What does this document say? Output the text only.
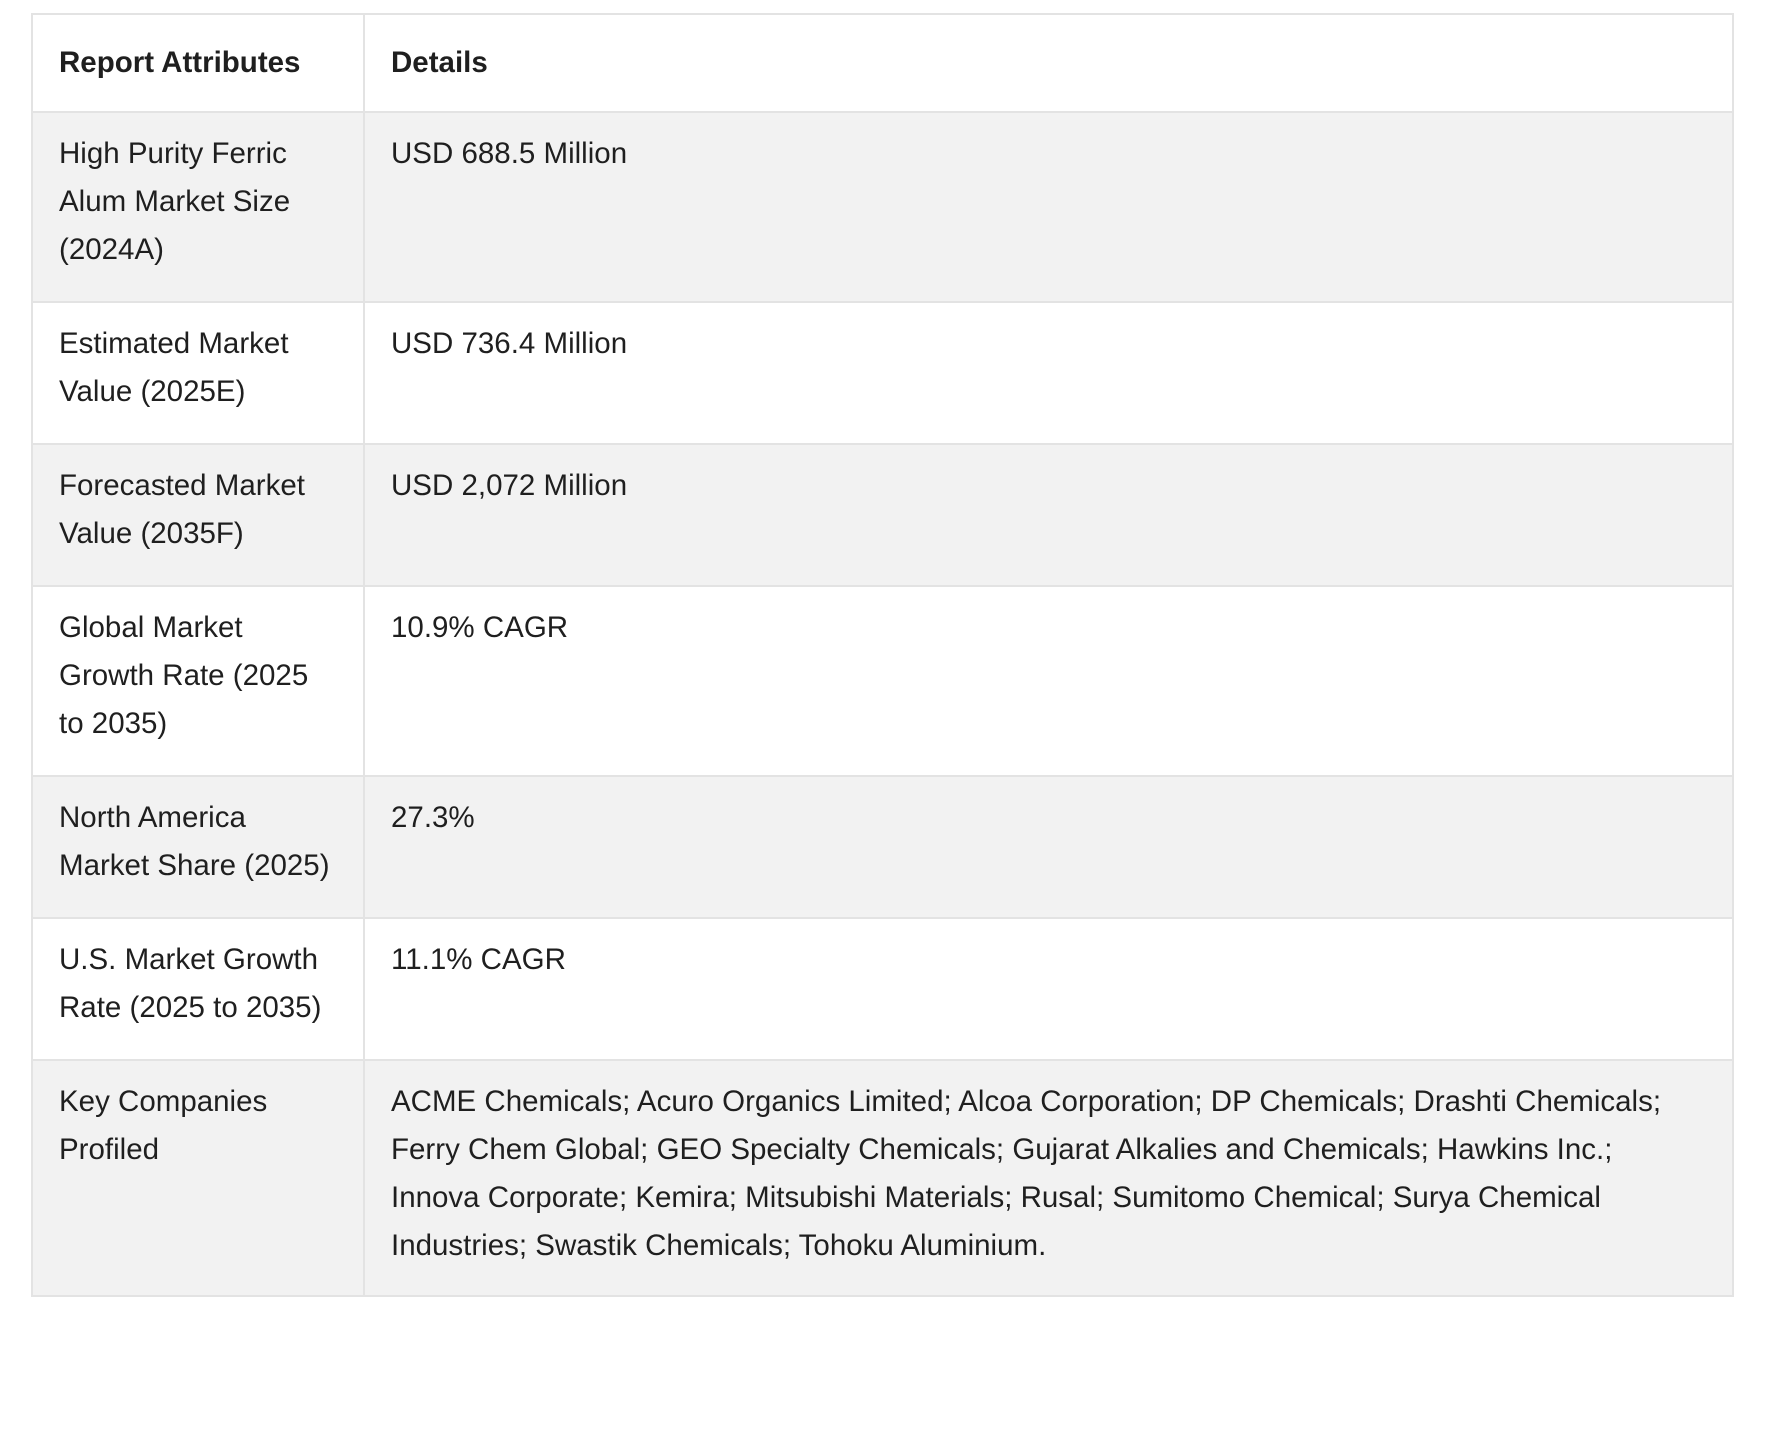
Report Attributes	Details
High Purity Ferric Alum Market Size (2024A)	USD 688.5 Million
Estimated Market Value (2025E)	USD 736.4 Million
Forecasted Market Value (2035F)	USD 2,072 Million
Global Market Growth Rate (2025 to 2035)	10.9% CAGR
North America Market Share (2025)	27.3%
U.S. Market Growth Rate (2025 to 2035)	11.1% CAGR
Key Companies Profiled	ACME Chemicals; Acuro Organics Limited; Alcoa Corporation; DP Chemicals; Drashti Chemicals; Ferry Chem Global; GEO Specialty Chemicals; Gujarat Alkalies and Chemicals; Hawkins Inc.; Innova Corporate; Kemira; Mitsubishi Materials; Rusal; Sumitomo Chemical; Surya Chemical Industries; Swastik Chemicals; Tohoku Aluminium.
